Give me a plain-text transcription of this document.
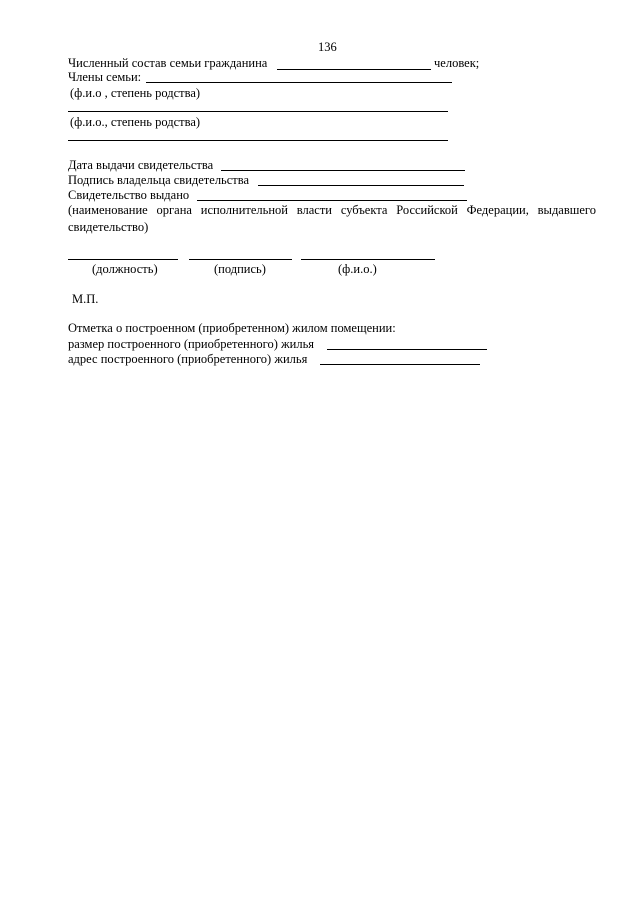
136
Численный состав семьи гражданина	человек;
Члены семьи:
(ф.и.о , степень родства)
(ф.и.о., степень родства)
Дата выдачи свидетельства
Подпись владельца свидетельства
Свидетельство выдано
(наименование органа исполнительной власти субъекта Российской Федерации, выдавшего свидетельство)
(должность)	(подпись)	(ф.и.о.)
М.П.
Отметка о построенном (приобретенном) жилом помещении:
размер построенного (приобретенного) жилья
адрес построенного (приобретенного) жилья
